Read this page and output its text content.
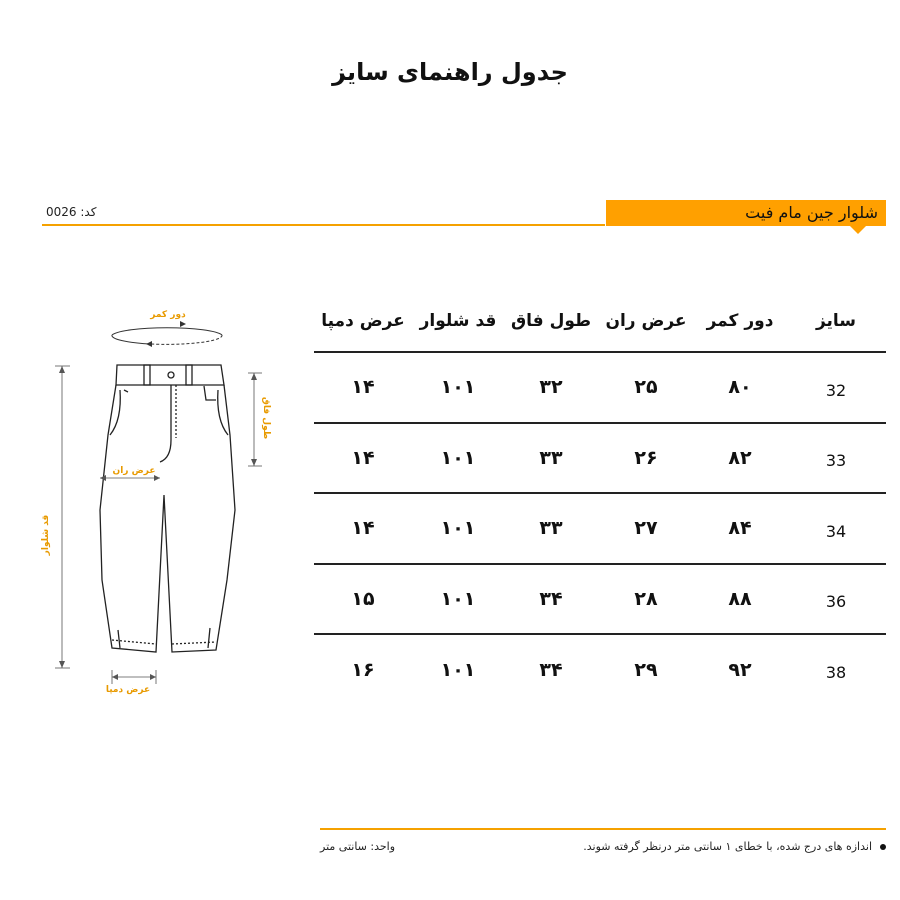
جدول راهنمای سایز
کد: 0026	شلوار جین مام فیت
سایز	دور کمر	عرض ران	طول فاق	قد شلوار	عرض دمپا
32	۸۰	۲۵	۳۲	۱۰۱	۱۴
33	۸۲	۲۶	۳۳	۱۰۱	۱۴
34	۸۴	۲۷	۳۳	۱۰۱	۱۴
36	۸۸	۲۸	۳۴	۱۰۱	۱۵
38	۹۲	۲۹	۳۴	۱۰۱	۱۶
دور کمر
طول فاق
عرض ران
قد شلوار
عرض دمپا
اندازه های درج شده، با خطای ۱ سانتی متر درنظر گرفته شوند.
واحد: سانتی متر
